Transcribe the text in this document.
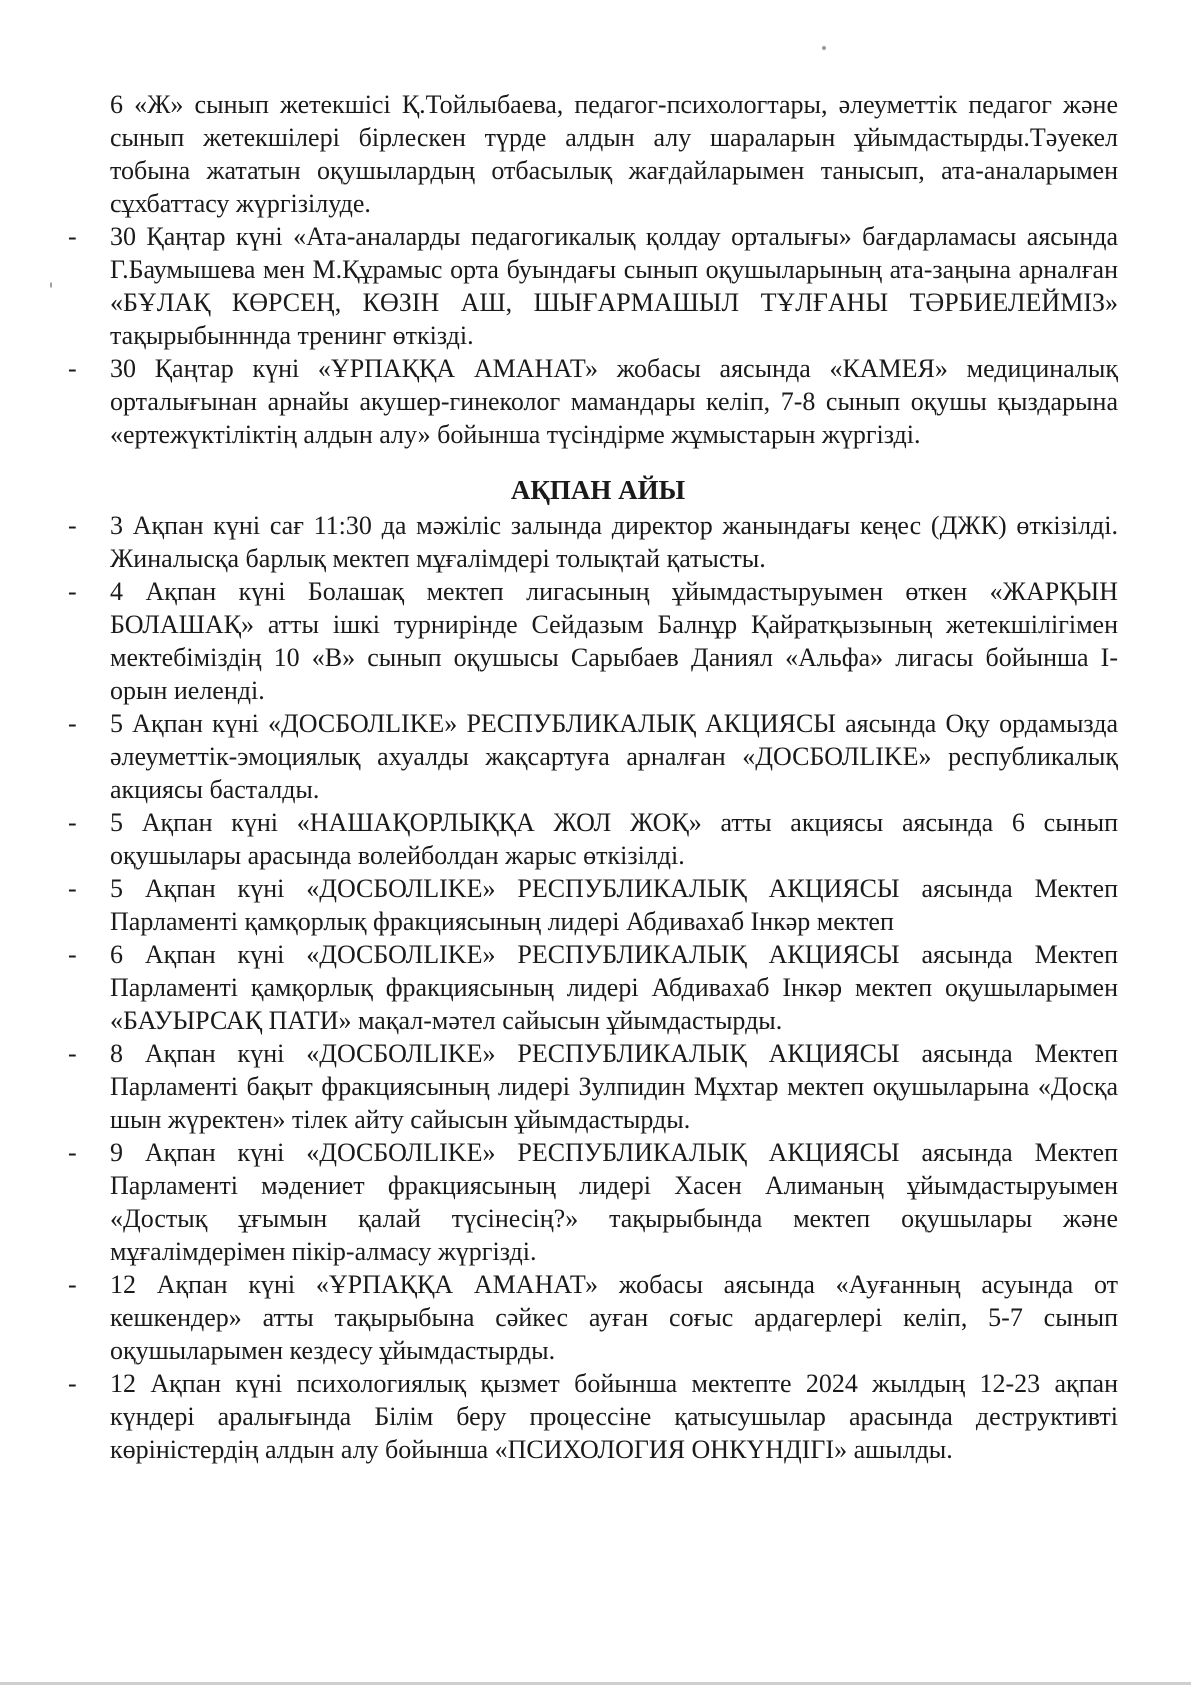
6 «Ж» сынып жетекшісі Қ.Тойлыбаева, педагог-психологтары, әлеуметтік педагог және сынып жетекшілері бірлескен түрде алдын алу шараларын ұйымдастырды.Тәуекел тобына жататын оқушылардың отбасылық жағдайларымен танысып, ата-аналарымен сұхбаттасу жүргізілуде.

- 30 Қаңтар күні «Ата-аналарды педагогикалық қолдау орталығы» бағдарламасы аясында Г.Баумышева мен М.Құрамыс орта буындағы сынып оқушыларының ата-заңына арналған «БҰЛАҚ КӨРСЕҢ, КӨЗІН АШ, ШЫҒАРМАШЫЛ ТҰЛҒАНЫ ТӘРБИЕЛЕЙМІЗ» тақырыбынннда тренинг өткізді.

- 30 Қаңтар күні «ҰРПАҚҚА АМАНАТ» жобасы аясында «КАМЕЯ» медициналық орталығынан арнайы акушер-гинеколог мамандары келіп, 7-8 сынып оқушы қыздарына «ертежүктіліктің алдын алу» бойынша түсіндірме жұмыстарын жүргізді.

АҚПАН АЙЫ

- 3 Ақпан күні сағ 11:30 да мәжіліс залында директор жанындағы кеңес (ДЖК) өткізілді. Жиналысқа барлық мектеп мұғалімдері толықтай қатысты.

- 4 Ақпан күні Болашақ мектеп лигасының ұйымдастыруымен өткен «ЖАРҚЫН БОЛАШАҚ» атты ішкі турнирінде Сейдазым Балнұр Қайратқызының жетекшілігімен мектебіміздің 10 «В» сынып оқушысы Сарыбаев Даниял «Альфа» лигасы бойынша І-орын иеленді.

- 5 Ақпан күні «ДОСБОЛLIKE» РЕСПУБЛИКАЛЫҚ АКЦИЯСЫ аясында Оқу ордамызда әлеуметтік-эмоциялық ахуалды жақсартуға арналған «ДОСБОЛLIKE» республикалық акциясы басталды.

- 5 Ақпан күні «НАШАҚОРЛЫҚҚА ЖОЛ ЖОҚ» атты акциясы аясында 6 сынып оқушылары арасында волейболдан жарыс өткізілді.

- 5 Ақпан күні «ДОСБОЛLIKE» РЕСПУБЛИКАЛЫҚ АКЦИЯСЫ аясында Мектеп Парламенті қамқорлық фракциясының лидері Абдивахаб Інкәр мектеп

- 6 Ақпан күні «ДОСБОЛLIKE» РЕСПУБЛИКАЛЫҚ АКЦИЯСЫ аясында Мектеп Парламенті қамқорлық фракциясының лидері Абдивахаб Інкәр мектеп оқушыларымен «БАУЫРСАҚ ПАТИ» мақал-мәтел сайысын ұйымдастырды.

- 8 Ақпан күні «ДОСБОЛLIKE» РЕСПУБЛИКАЛЫҚ АКЦИЯСЫ аясында Мектеп Парламенті бақыт фракциясының лидері Зулпидин Мұхтар мектеп оқушыларына «Досқа шын жүректен» тілек айту сайысын ұйымдастырды.

- 9 Ақпан күні «ДОСБОЛLIKE» РЕСПУБЛИКАЛЫҚ АКЦИЯСЫ аясында Мектеп Парламенті мәдениет фракциясының лидері Хасен Алиманың ұйымдастыруымен «Достық ұғымын қалай түсінесің?» тақырыбында мектеп оқушылары және мұғалімдерімен пікір-алмасу жүргізді.

- 12 Ақпан күні «ҰРПАҚҚА АМАНАТ» жобасы аясында «Ауғанның асуында от кешкендер» атты тақырыбына сәйкес ауған соғыс ардагерлері келіп, 5-7 сынып оқушыларымен кездесу ұйымдастырды.

- 12 Ақпан күні психологиялық қызмет бойынша мектепте 2024 жылдың 12-23 ақпан күндері аралығында Білім беру процессіне қатысушылар арасында деструктивті көріністердің алдын алу бойынша «ПСИХОЛОГИЯ ОНКҮНДІГІ» ашылды.
